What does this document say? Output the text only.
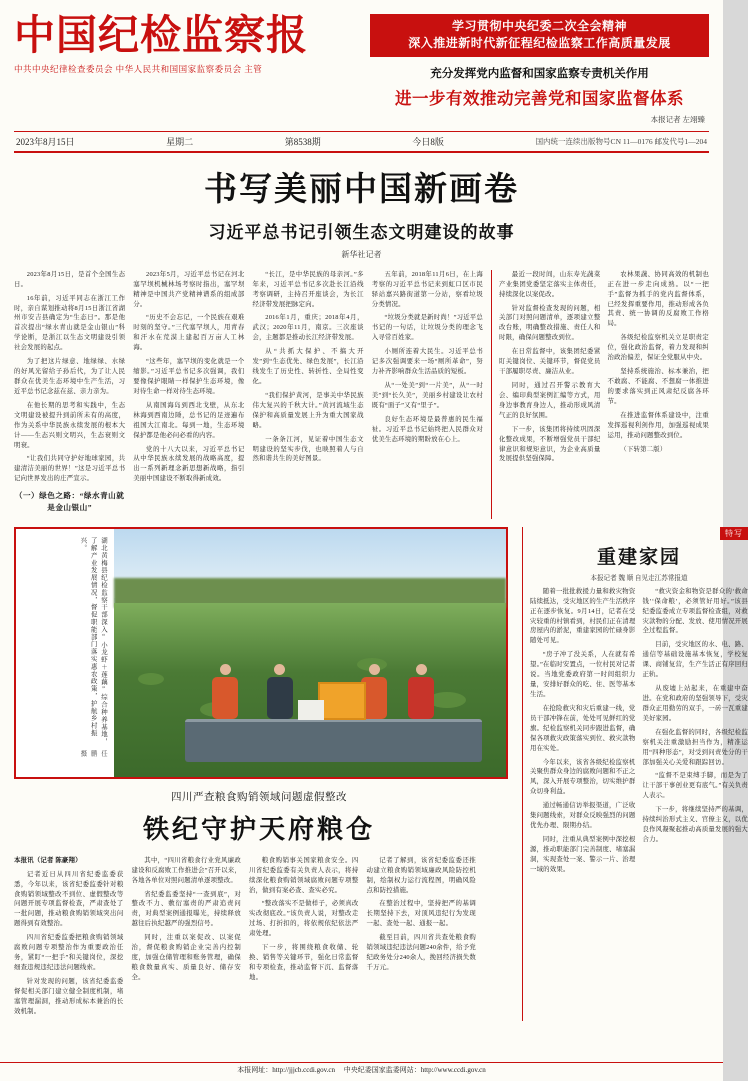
中国纪检监察报
中共中央纪律检查委员会 中华人民共和国国家监察委员会 主管
学习贯彻中央纪委二次全会精神
深入推进新时代新征程纪检监察工作高质量发展
充分发挥党内监督和国家监察专责机关作用
进一步有效推动完善党和国家监督体系
本报记者 左翊臻
2023年8月15日	星期二	第8538期	今日8版	国内统一连续出版物号CN 11—0176 邮发代号1—204
书写美丽中国新画卷
习近平总书记引领生态文明建设的故事
新华社记者

2023年8月15日，是首个全国生态日。

16年前，习近平同志在浙江工作时，亲自谋划推动将8月15日浙江省湖州市安吉县确定为“生态日”。那是他首次提出“绿水青山就是金山银山”科学论断，是浙江以生态文明建设引领社会发展的起点。

为了把这片绿意、地绿绿、水绿的好风光留给子孙后代，为了让人民群众在优美生态环境中生产生活，习近平总书记念兹在兹、亲力亲为。

在他长期的思考和实践中，生态文明建设被提升到前所未有的高度，作为关系中华民族永续发展的根本大计——生态兴则文明兴，生态衰则文明衰。

“让我们共同守护好地球家园，共建清洁美丽的世界！”这是习近平总书记向世界发出的庄严宣示。

（一）绿色之路：“绿水青山就是金山银山”

2023年5月，习近平总书记在河北塞罕坝机械林场考察时指出，塞罕坝精神是中国共产党精神谱系的组成部分。

“历史不会忘记，一个民族在艰难时刻的坚守。”三代塞罕坝人，用青春和汗水在荒漠上建起百万亩人工林海。

“这些年，塞罕坝的变化就是一个缩影。”习近平总书记多次强调，我们要像保护眼睛一样保护生态环境，像对待生命一样对待生态环境。

从南国海岛到西北戈壁，从东北林海到西南边陲，总书记的足迹遍布祖国大江南北。每到一地，生态环境保护都是他必问必看的内容。

党的十八大以来，习近平总书记从中华民族永续发展的战略高度，提出一系列新理念新思想新战略，指引美丽中国建设不断取得新成效。

“长江，是中华民族的母亲河。”多年来，习近平总书记多次赴长江沿线考察调研，主持召开座谈会，为长江经济带发展把脉定向。

2016年1月，重庆；2018年4月，武汉；2020年11月，南京。三次座谈会，主题都是推动长江经济带发展。

从“共抓大保护、不搞大开发”到“生态优先、绿色发展”，长江沿线发生了历史性、转折性、全局性变化。

“我们保护黄河，是事关中华民族伟大复兴的千秋大计。”黄河流域生态保护和高质量发展上升为重大国家战略。

一条条江河，见证着中国生态文明建设的坚实步伐，也映照着人与自然和谐共生的美好图景。

五年前，2018年11月6日，在上海考察的习近平总书记来到虹口区市民驿站嘉兴路街道第一分站，察看垃圾分类情况。

“垃圾分类就是新时尚！”习近平总书记的一句话，让垃圾分类的理念飞入寻常百姓家。

小厕所连着大民生。习近平总书记多次强调要来一场“厕所革命”，努力补齐影响群众生活品质的短板。

从“一处美”到“一片美”，从“一时美”到“长久美”，美丽乡村建设让农村既有“面子”又有“里子”。

良好生态环境是最普惠的民生福祉。习近平总书记始终把人民群众对优美生态环境的期盼放在心上。

最近一段时间，山东寿光蔬菜产业集团党委坚定落实主体责任，持续深化以案促改。

针对监督检查发现的问题，相关部门对照问题清单，逐项建立整改台账，明确整改措施、责任人和时限，确保问题整改到位。

在日常监督中，该集团纪委紧盯关键岗位、关键环节，督促党员干部履职尽责、廉洁从业。

同时，通过召开警示教育大会、编印典型案例汇编等方式，用身边事教育身边人，推动形成风清气正的良好氛围。

下一步，该集团将持续巩固深化整改成果，不断增强党员干部纪律意识和规矩意识，为企业高质量发展提供坚强保障。

农林果蔬、协同高效的机制也正在进一步走向成熟。以“一把手”监督为抓手的党内监督体系，已经发挥重要作用，推动形成各负其责、统一协调的反腐败工作格局。

各级纪检监察机关立足职责定位，强化政治监督，着力发现和纠治政治偏差，保证全党服从中央。

坚持系统施治、标本兼治，把不敢腐、不能腐、不想腐一体推进的要求落实到正风肃纪反腐各环节。

在推进监督体系建设中，注重发挥巡视利剑作用，加强巡视成果运用，推动问题整改到位。

（下转第二版）

湖北黄梅县纪检监察干部深入“小龙虾＋莲藕”综合种养基地，了解产业发展情况，督促职能部门落实惠农政策，护航乡村振兴。
任 鹏 摄
四川严查粮食购销领域问题虚假整改
铁纪守护天府粮仓

本报讯（记者 陈豪翔）

记者近日从四川省纪委监委获悉，今年以来，该省纪委监委针对粮食购销领域整改不到位、虚假整改等问题开展专项监督检查，严肃查处了一批问题，推动粮食购销领域突出问题得到有效整治。

四川省纪委监委把粮食购销领域腐败问题专项整治作为重要政治任务，紧盯“一把手”和关键岗位，深挖细查违规违纪违法问题线索。

针对发现的问题，该省纪委监委督促相关部门建立健全制度机制，堵塞管理漏洞，推动形成标本兼治的长效机制。

其中，“四川省粮食行业党风廉政建设和反腐败工作推进会”召开以来，各地各单位对照问题清单逐项整改。

省纪委监委坚持“一查到底”，对整改不力、敷衍塞责的严肃追责问责，对典型案例通报曝光，持续释放越往后执纪越严的强烈信号。

同时，注重以案促改、以案促治，督促粮食购销企业完善内控制度，加强仓储管理和账务管理，确保粮食数量真实、质量良好、储存安全。

粮食购销事关国家粮食安全。四川省纪委监委有关负责人表示，将持续深化粮食购销领域腐败问题专项整治，做到有案必查、查实必究。

“整改落实不是做样子，必须真改实改彻底改。”该负责人说，对整改走过场、打折扣的，将依规依纪依法严肃处理。

下一步，将围绕粮食收储、轮换、销售等关键环节，强化日常监督和专项检查，推动监督下沉、监督落地。

记者了解到，该省纪委监委还推动建立粮食购销领域廉政风险防控机制，绘制权力运行流程图，明确风险点和防控措施。

在整治过程中，坚持把严的基调长期坚持下去，对顶风违纪行为发现一起、查处一起、通报一起。

截至目前，四川省共查处粮食购销领域违纪违法问题240余件，给予党纪政务处分240余人，挽回经济损失数千万元。

特写
重建家园
本报记者 魏 顺 自见走江苏常报道

随着一批批救援力量和救灾物资陆续抵达，受灾地区的生产生活秩序正在逐步恢复。9月14日，记者在受灾较重的村镇看到，村民们正在清理房屋内的淤泥，重建家园的忙碌身影随处可见。

“房子冲了没关系，人在就有希望。”在临时安置点，一位村民对记者说。当地党委政府第一时间组织力量，安排好群众的吃、住、医等基本生活。

在抢险救灾和灾后重建一线，党员干部冲锋在前，处处可见鲜红的党旗。纪检监察机关同步跟进监督，确保各项救灾政策落实到位、救灾款物用在实处。

今年以来，该省各级纪检监察机关聚焦群众身边的腐败问题和不正之风，深入开展专项整治，切实维护群众切身利益。

通过畅通信访举报渠道，广泛收集问题线索，对群众反映强烈的问题优先办理、限期办结。

同时，注重从典型案例中深挖根源，推动职能部门完善制度、堵塞漏洞，实现查处一案、警示一片、治理一域的效果。

“救灾资金和物资是群众的‘救命钱’‘保命粮’，必须管好用好。”该县纪委监委成立专项监督检查组，对救灾款物的分配、发放、使用情况开展全过程监督。

目前，受灾地区的水、电、路、通信等基础设施基本恢复，学校复课、商铺复营，生产生活正有序回归正轨。

从废墟上站起来，在重建中奋进。在党和政府的坚强领导下，受灾群众正用勤劳的双手，一砖一瓦重建美好家园。

在强化监督的同时，各级纪检监察机关注重激励担当作为，精准运用“四种形态”，对受到问责处分的干部加强关心关爱和跟踪回访。

“监督不是束缚手脚，而是为了让干部干事创业更有底气。”有关负责人表示。

下一步，将继续坚持严的基调，持续纠治形式主义、官僚主义，以优良作风凝聚起推动高质量发展的强大合力。

本报网址：http://jjjcb.ccdi.gov.cn 中央纪委国家监委网站：http://www.ccdi.gov.cn
